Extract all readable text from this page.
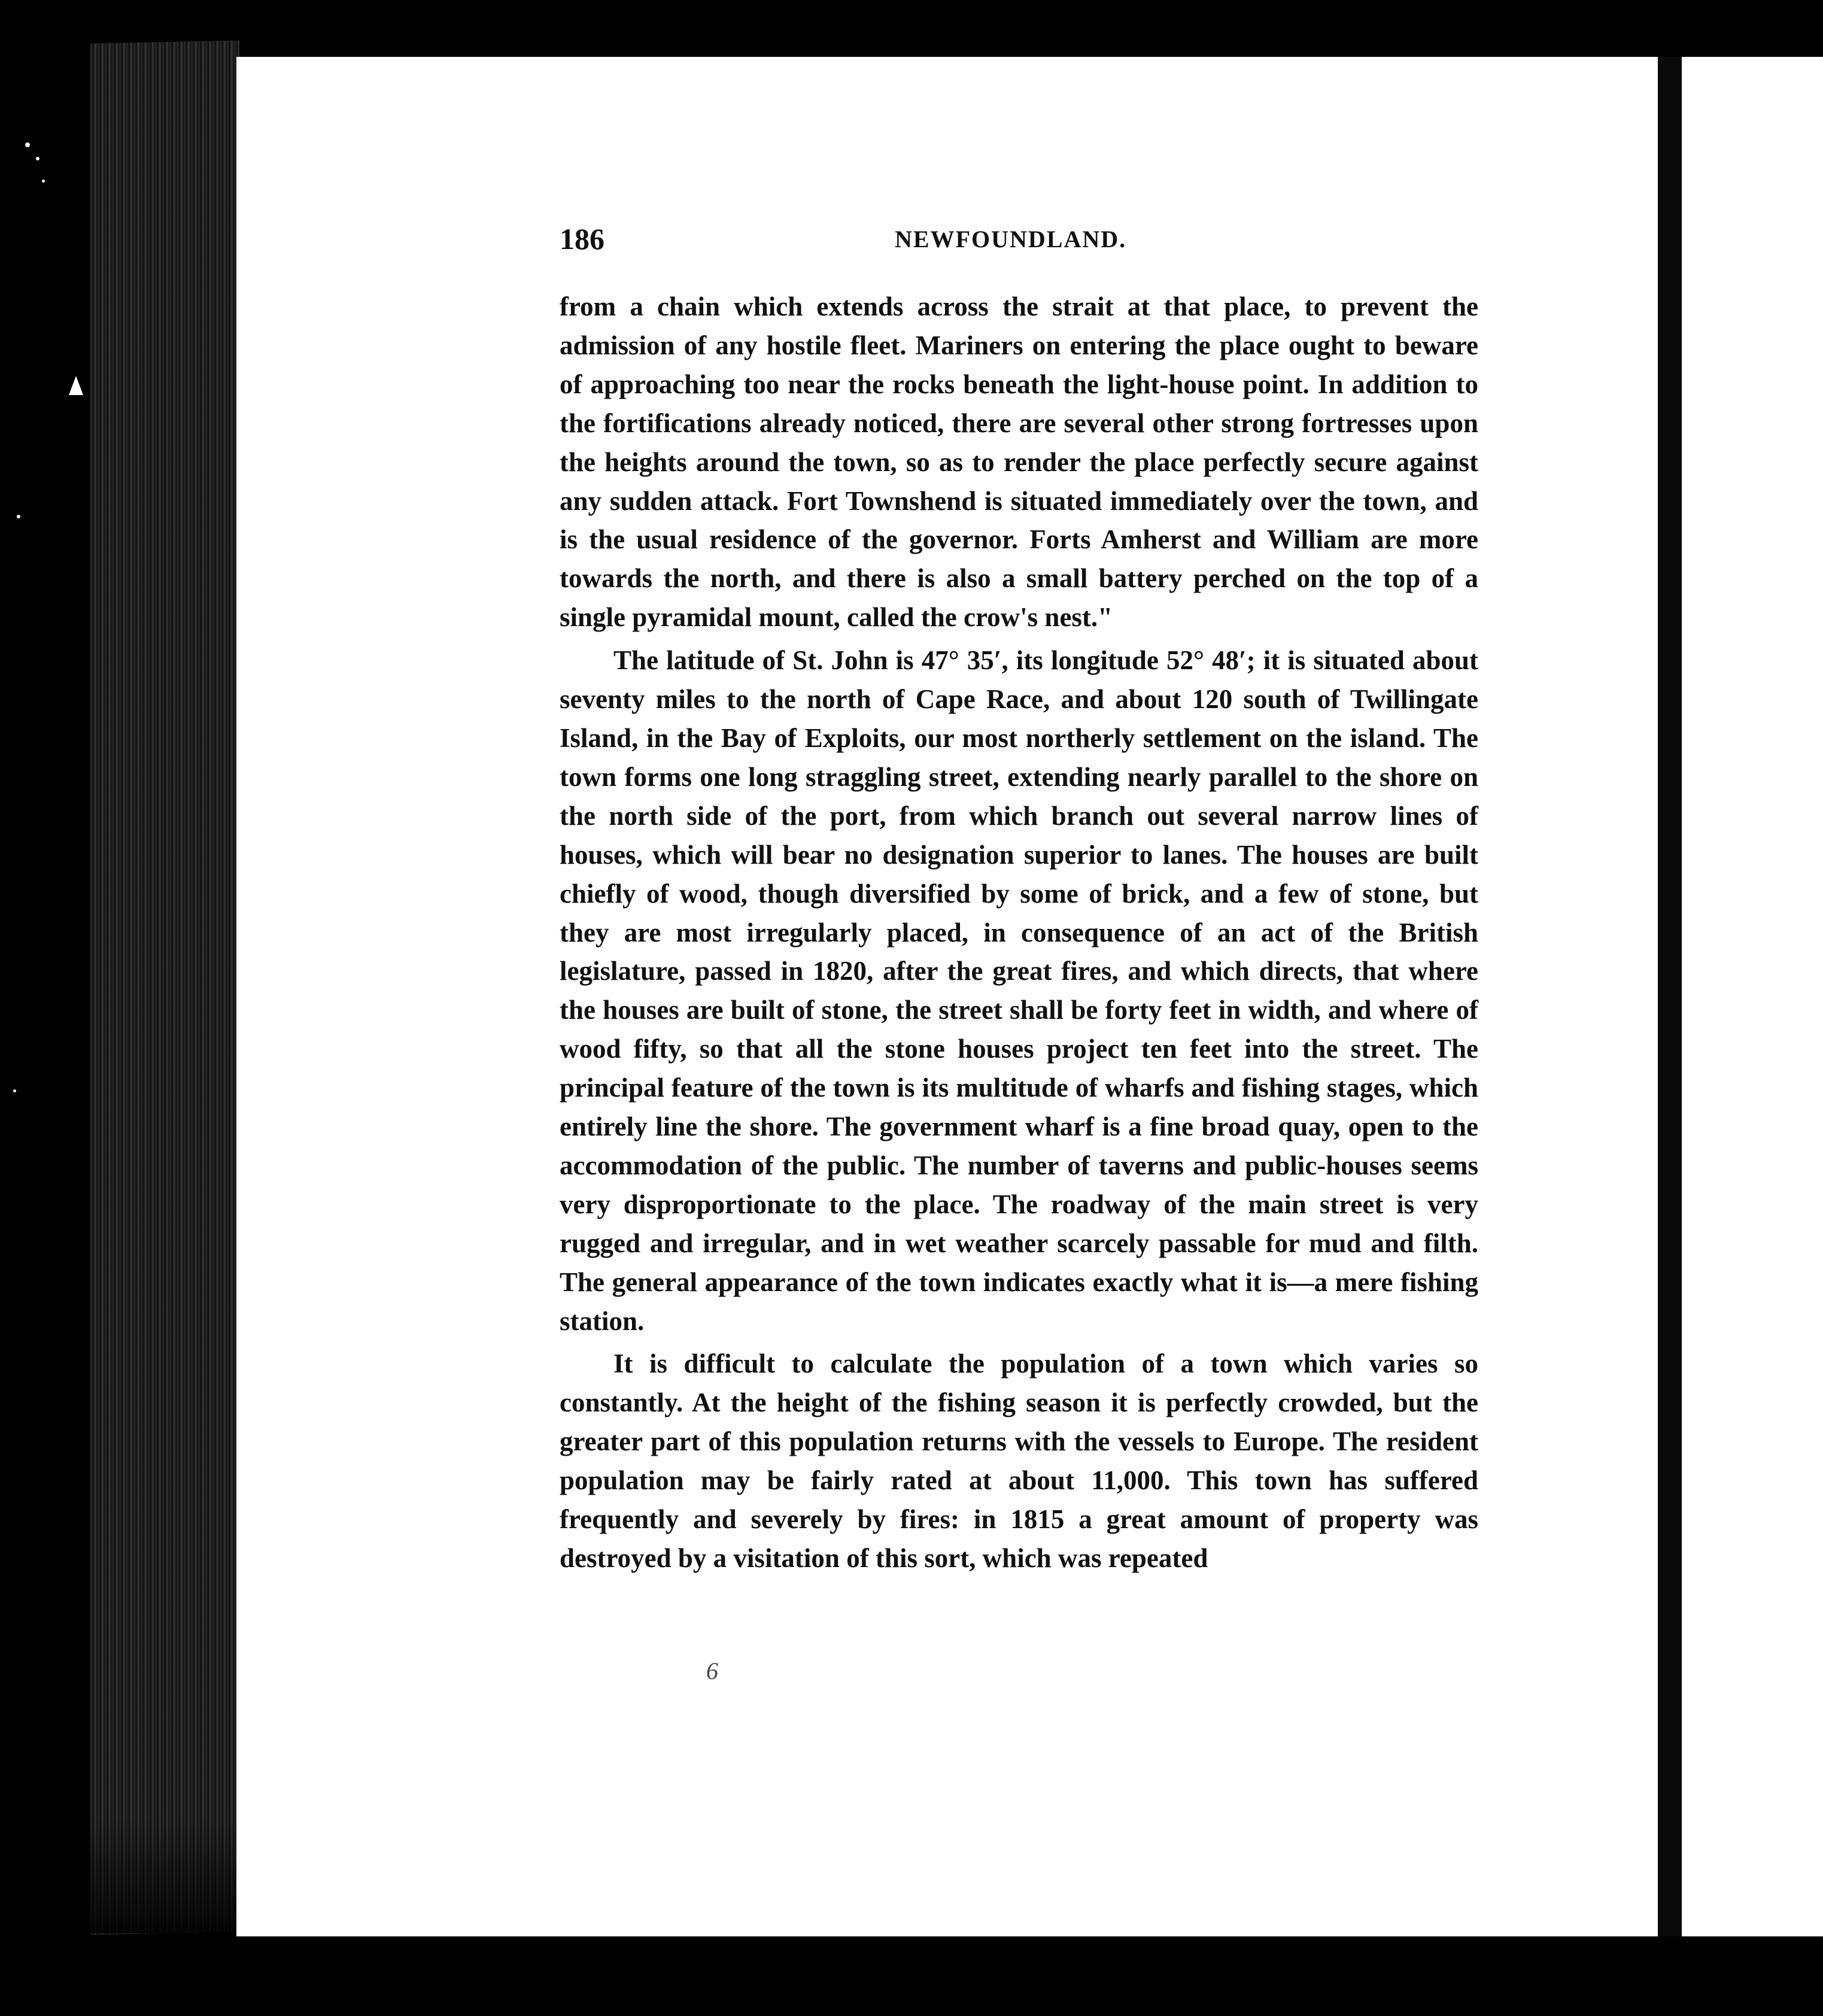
186	NEWFOUNDLAND.

from a chain which extends across the strait at that place, to prevent the admission of any hostile fleet. Mariners on entering the place ought to beware of approaching too near the rocks beneath the light-house point. In addition to the fortifications already noticed, there are several other strong fortresses upon the heights around the town, so as to render the place perfectly secure against any sudden attack. Fort Townshend is situated immediately over the town, and is the usual residence of the governor. Forts Amherst and William are more towards the north, and there is also a small battery perched on the top of a single pyramidal mount, called the crow's nest."

The latitude of St. John is 47° 35′, its longitude 52° 48′; it is situated about seventy miles to the north of Cape Race, and about 120 south of Twillingate Island, in the Bay of Exploits, our most northerly settlement on the island. The town forms one long straggling street, extending nearly parallel to the shore on the north side of the port, from which branch out several narrow lines of houses, which will bear no designation superior to lanes. The houses are built chiefly of wood, though diversified by some of brick, and a few of stone, but they are most irregularly placed, in consequence of an act of the British legislature, passed in 1820, after the great fires, and which directs, that where the houses are built of stone, the street shall be forty feet in width, and where of wood fifty, so that all the stone houses project ten feet into the street. The principal feature of the town is its multitude of wharfs and fishing stages, which entirely line the shore. The government wharf is a fine broad quay, open to the accommodation of the public. The number of taverns and public-houses seems very disproportionate to the place. The roadway of the main street is very rugged and irregular, and in wet weather scarcely passable for mud and filth. The general appearance of the town indicates exactly what it is—a mere fishing station.

It is difficult to calculate the population of a town which varies so constantly. At the height of the fishing season it is perfectly crowded, but the greater part of this population returns with the vessels to Europe. The resident population may be fairly rated at about 11,000. This town has suffered frequently and severely by fires: in 1815 a great amount of property was destroyed by a visitation of this sort, which was repeated

6
